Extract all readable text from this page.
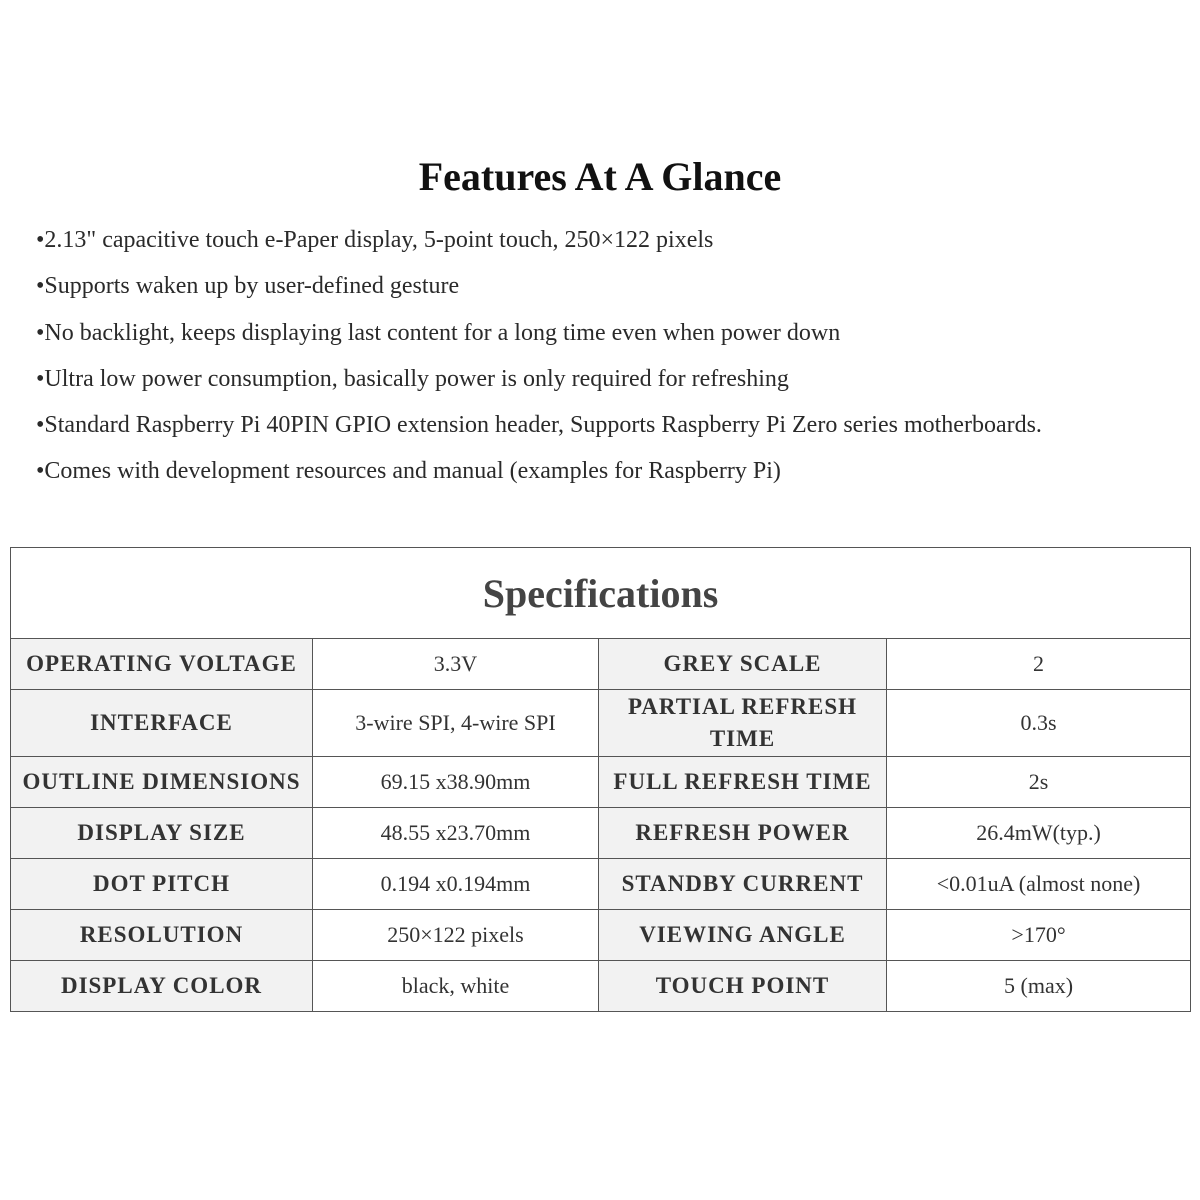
Features At A Glance
• 2.13" capacitive touch e-Paper display, 5-point touch, 250×122 pixels
• Supports waken up by user-defined gesture
• No backlight, keeps displaying last content for a long time even when power down
• Ultra low power consumption, basically power is only required for refreshing
• Standard Raspberry Pi 40PIN GPIO extension header, Supports Raspberry Pi Zero series motherboards.
• Comes with development resources and manual (examples for Raspberry Pi)
Specifications			
OPERATING VOLTAGE	3.3V	GREY SCALE	2
INTERFACE	3-wire SPI, 4-wire SPI	PARTIAL REFRESH TIME	0.3s
OUTLINE DIMENSIONS	69.15 x38.90mm	FULL REFRESH TIME	2s
DISPLAY SIZE	48.55 x23.70mm	REFRESH POWER	26.4mW(typ.)
DOT PITCH	0.194 x0.194mm	STANDBY CURRENT	<0.01uA (almost none)
RESOLUTION	250×122 pixels	VIEWING ANGLE	>170°
DISPLAY COLOR	black, white	TOUCH POINT	5 (max)
